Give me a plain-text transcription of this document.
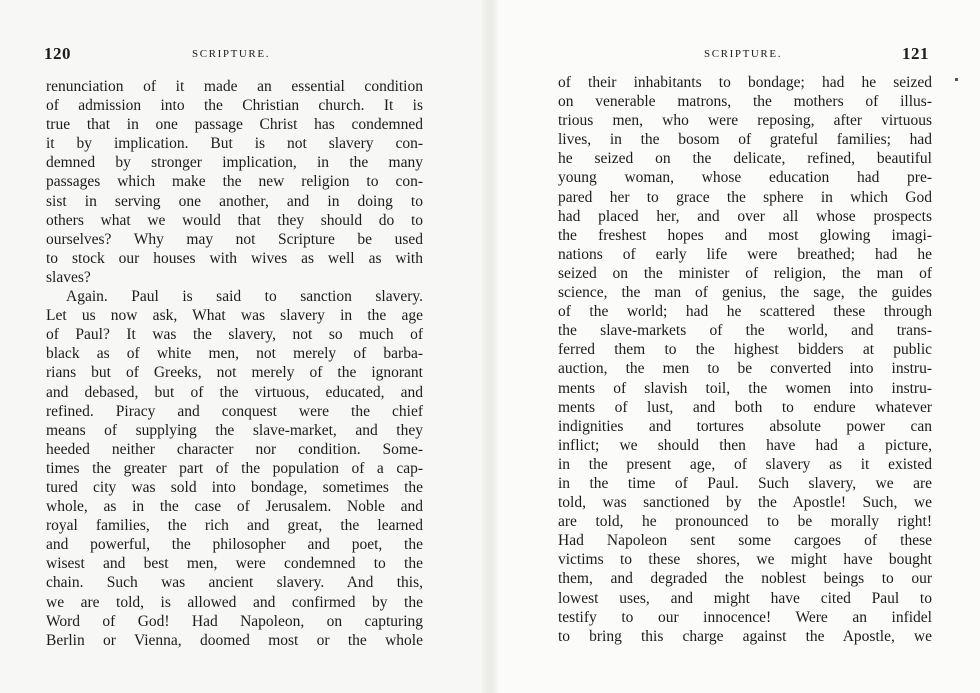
120	SCRIPTURE.	SCRIPTURE.	121
renunciation of it made an essential condition
of admission into the Christian church. It is
true that in one passage Christ has condemned
it by implication. But is not slavery con-
demned by stronger implication, in the many
passages which make the new religion to con-
sist in serving one another, and in doing to
others what we would that they should do to
ourselves? Why may not Scripture be used
to stock our houses with wives as well as with
slaves?
Again. Paul is said to sanction slavery.
Let us now ask, What was slavery in the age
of Paul? It was the slavery, not so much of
black as of white men, not merely of barba-
rians but of Greeks, not merely of the ignorant
and debased, but of the virtuous, educated, and
refined. Piracy and conquest were the chief
means of supplying the slave-market, and they
heeded neither character nor condition. Some-
times the greater part of the population of a cap-
tured city was sold into bondage, sometimes the
whole, as in the case of Jerusalem. Noble and
royal families, the rich and great, the learned
and powerful, the philosopher and poet, the
wisest and best men, were condemned to the
chain. Such was ancient slavery. And this,
we are told, is allowed and confirmed by the
Word of God! Had Napoleon, on capturing
Berlin or Vienna, doomed most or the whole
of their inhabitants to bondage; had he seized
on venerable matrons, the mothers of illus-
trious men, who were reposing, after virtuous
lives, in the bosom of grateful families; had
he seized on the delicate, refined, beautiful
young woman, whose education had pre-
pared her to grace the sphere in which God
had placed her, and over all whose prospects
the freshest hopes and most glowing imagi-
nations of early life were breathed; had he
seized on the minister of religion, the man of
science, the man of genius, the sage, the guides
of the world; had he scattered these through
the slave-markets of the world, and trans-
ferred them to the highest bidders at public
auction, the men to be converted into instru-
ments of slavish toil, the women into instru-
ments of lust, and both to endure whatever
indignities and tortures absolute power can
inflict; we should then have had a picture,
in the present age, of slavery as it existed
in the time of Paul. Such slavery, we are
told, was sanctioned by the Apostle! Such, we
are told, he pronounced to be morally right!
Had Napoleon sent some cargoes of these
victims to these shores, we might have bought
them, and degraded the noblest beings to our
lowest uses, and might have cited Paul to
testify to our innocence! Were an infidel
to bring this charge against the Apostle, we
